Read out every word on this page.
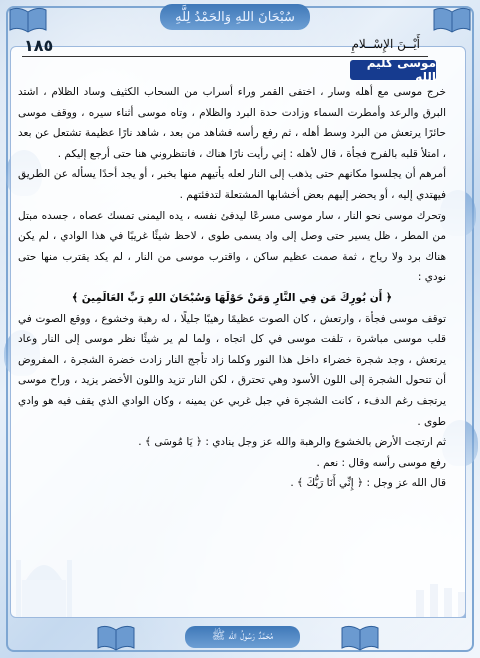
سُبْحَانَ اللهِ وَالحَمْدُ لِلَّهِ
١٨٥	أَيْــنَ الإِسْــلامِ
موسى كليم الله

خرج موسى مع أهله وسار ، اختفى القمر وراء أسراب من السحاب الكثيف وساد الظلام ، اشتد البرق والرعد وأمطرت السماء وزادت حدة البرد والظلام ، وتاه موسى أثناء سيره ، ووقف موسى حائرًا يرتعش من البرد وسط أهله ، ثم رفع رأسه فشاهد من بعد ، شاهد نارًا عظيمة تشتعل عن بعد ، امتلأ قلبه بالفرح فجأة ، قال لأهله : إني رأيت نارًا هناك ، فانتظروني هنا حتى أرجع إليكم .

أمرهم أن يجلسوا مكانهم حتى يذهب إلى النار لعله يأتيهم منها بخبر ، أو يجد أحدًا يسأله عن الطريق فيهتدي إليه ، أو يحضر إليهم بعض أخشابها المشتعلة لتدفئتهم .

وتحرك موسى نحو النار ، سار موسى مسرعًا ليدفئ نفسه ، يده اليمنى تمسك عصاه ، جسده مبتل من المطر ، ظل يسير حتى وصل إلى واد يسمى طوى ، لاحظ شيئًا غريبًا في هذا الوادي ، لم يكن هناك برد ولا رياح ، ثمة صمت عظيم ساكن ، واقترب موسى من النار ، لم يكد يقترب منها حتى نودي :

﴿ أَن بُورِكَ مَن فِي النَّارِ وَمَنْ حَوْلَهَا وَسُبْحَانَ اللهِ رَبِّ العَالَمِينَ ﴾

توقف موسى فجأة ، وارتعش ، كان الصوت عظيمًا رهيبًا جليلًا ، له رهبة وخشوع ، ووقع الصوت في قلب موسى مباشرة ، تلفت موسى في كل اتجاه ، ولما لم ير شيئًا نظر موسى إلى النار وعاد يرتعش ، وجد شجرة خضراء داخل هذا النور وكلما زاد تأجج النار زادت خضرة الشجرة ، المفروض أن تتحول الشجرة إلى اللون الأسود وهي تحترق ، لكن النار تزيد واللون الأخضر يزيد ، وراح موسى يرتجف رغم الدفء ، كانت الشجرة في جبل غربي عن يمينه ، وكان الوادي الذي يقف فيه هو وادي طوى .

ثم ارتجت الأرض بالخشوع والرهبة والله عز وجل ينادي : ﴿ يَا مُوسَى ﴾ .

رفع موسى رأسه وقال : نعم .

قال الله عز وجل : ﴿ إِنِّي أَنَا رَبُّكَ ﴾ .

مُحَمَّدٌ رَسُولُ الله ﷺ
